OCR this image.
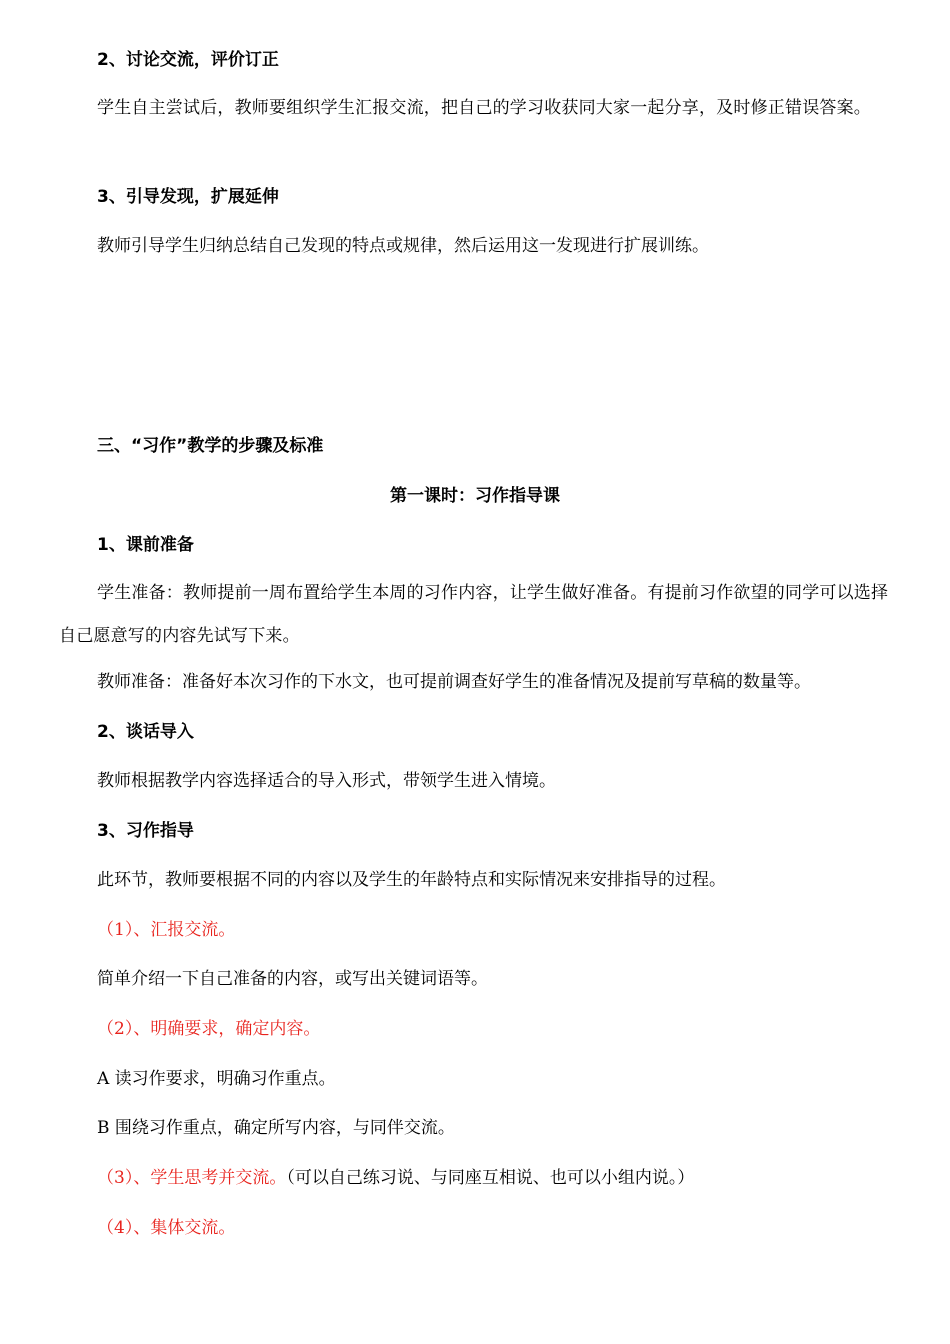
2、讨论交流，评价订正
学生自主尝试后，教师要组织学生汇报交流，把自己的学习收获同大家一起分享，及时修正错误答案。
3、引导发现，扩展延伸
教师引导学生归纳总结自己发现的特点或规律，然后运用这一发现进行扩展训练。
三、“习作”教学的步骤及标准
第一课时：习作指导课
1、课前准备
学生准备：教师提前一周布置给学生本周的习作内容，让学生做好准备。有提前习作欲望的同学可以选择自己愿意写的内容先试写下来。
教师准备：准备好本次习作的下水文，也可提前调查好学生的准备情况及提前写草稿的数量等。
2、谈话导入
教师根据教学内容选择适合的导入形式，带领学生进入情境。
3、习作指导
此环节，教师要根据不同的内容以及学生的年龄特点和实际情况来安排指导的过程。
（1）、汇报交流。
简单介绍一下自己准备的内容，或写出关键词语等。
（2）、明确要求，确定内容。
A 读习作要求，明确习作重点。
B 围绕习作重点，确定所写内容，与同伴交流。
（3）、学生思考并交流。（可以自己练习说、与同座互相说、也可以小组内说。）
（4）、集体交流。
